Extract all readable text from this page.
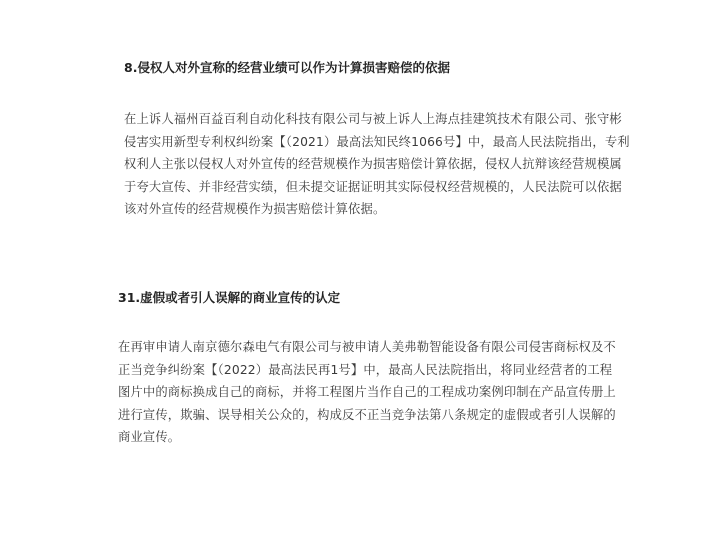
8.侵权人对外宣称的经营业绩可以作为计算损害赔偿的依据

在上诉人福州百益百利自动化科技有限公司与被上诉人上海点挂建筑技术有限公司、张守彬
侵害实用新型专利权纠纷案【（2021）最高法知民终1066号】中，最高人民法院指出，专利
权利人主张以侵权人对外宣传的经营规模作为损害赔偿计算依据，侵权人抗辩该经营规模属
于夸大宣传、并非经营实绩，但未提交证据证明其实际侵权经营规模的，人民法院可以依据
该对外宣传的经营规模作为损害赔偿计算依据。

31.虚假或者引人误解的商业宣传的认定

在再审申请人南京德尔森电气有限公司与被申请人美弗勒智能设备有限公司侵害商标权及不
正当竞争纠纷案【（2022）最高法民再1号】中，最高人民法院指出，将同业经营者的工程
图片中的商标换成自己的商标，并将工程图片当作自己的工程成功案例印制在产品宣传册上
进行宣传，欺骗、误导相关公众的，构成反不正当竞争法第八条规定的虚假或者引人误解的
商业宣传。
